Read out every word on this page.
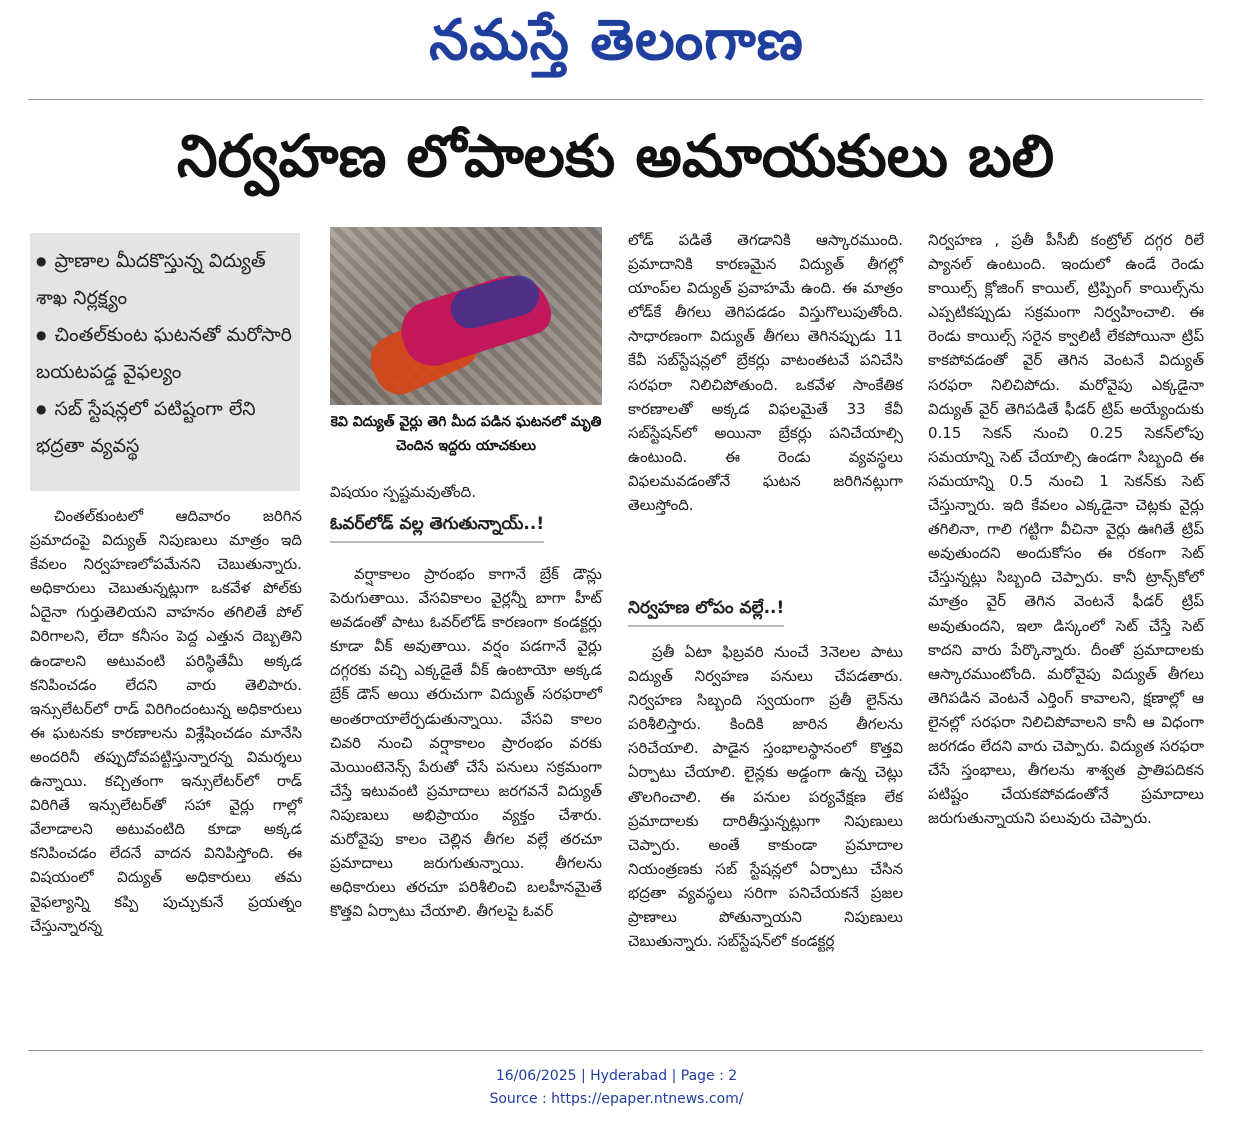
నమస్తే తెలంగాణ
నిర్వహణ లోపాలకు అమాయకులు బలి
● ప్రాణాల మీదకొస్తున్న విద్యుత్ శాఖ నిర్లక్ష్యం
● చింతల్‌కుంట ఘటనతో మరోసారి బయటపడ్డ వైఫల్యం
● సబ్ స్టేషన్లలో పటిష్టంగా లేని భద్రతా వ్యవస్థ

చింతల్‌కుంటలో ఆదివారం జరిగిన ప్రమాదంపై విద్యుత్ నిపుణులు మాత్రం ఇది కేవలం నిర్వహణలోపమేనని చెబుతున్నారు. అధికారులు చెబుతున్నట్లుగా ఒకవేళ పోల్‌కు ఏదైనా గుర్తుతెలియని వాహనం తగిలితే పోల్ విరిగాలని, లేదా కనీసం పెద్ద ఎత్తున దెబ్బతిని ఉండాలని అటువంటి పరిస్థితేమీ అక్కడ కనిపించడం లేదని వారు తెలిపారు. ఇన్సులేటర్‌లో రాడ్ విరిగిందంటున్న అధికారులు ఈ ఘటనకు కారణాలను విశ్లేషించడం మానేసి అందరినీ తప్పుదోవపట్టిస్తున్నారన్న విమర్శలు ఉన్నాయి. కచ్చితంగా ఇన్సులేటర్‌లో రాడ్ విరిగితే ఇన్సులేటర్‌తో సహా వైర్లు గాల్లో వేలాడాలని అటువంటిది కూడా అక్కడ కనిపించడం లేదనే వాదన వినిపిస్తోంది. ఈ విషయంలో విద్యుత్ అధికారులు తమ వైఫల్యాన్ని కప్పి పుచ్చుకునే ప్రయత్నం చేస్తున్నారన్న

కెవి విద్యుత్ వైర్లు తెగి మీద పడిన ఘటనలో మృతి చెందిన ఇద్దరు యాచకులు

విషయం స్పష్టమవుతోంది.

ఓవర్‌లోడ్ వల్ల తెగుతున్నాయ్..!

వర్షాకాలం ప్రారంభం కాగానే బ్రేక్ డౌన్లు పెరుగుతాయి. వేసవికాలం వైర్లన్నీ బాగా హీట్ అవడంతో పాటు ఓవర్‌లోడ్ కారణంగా కండక్టర్లు కూడా వీక్ అవుతాయి. వర్షం పడగానే వైర్లు దగ్గరకు వచ్చి ఎక్కడైతే వీక్ ఉంటాయో అక్కడ బ్రేక్ డౌన్ అయి తరుచుగా విద్యుత్ సరఫరాలో అంతరాయాలేర్పడుతున్నాయి. వేసవి కాలం చివరి నుంచి వర్షాకాలం ప్రారంభం వరకు మెయింటెనెన్స్ పేరుతో చేసే పనులు సక్రమంగా చేస్తే ఇటువంటి ప్రమాదాలు జరగవనే విద్యుత్ నిపుణులు అభిప్రాయం వ్యక్తం చేశారు. మరోవైపు కాలం చెల్లిన తీగల వల్లే తరచూ ప్రమాదాలు జరుగుతున్నాయి. తీగలను అధికారులు తరచూ పరిశీలించి బలహీనమైతే కొత్తవి ఏర్పాటు చేయాలి. తీగలపై ఓవర్

లోడ్ పడితే తెగడానికి ఆస్కారముంది. ప్రమాదానికి కారణమైన విద్యుత్ తీగల్లో యాంప్‌ల విద్యుత్ ప్రవాహమే ఉంది. ఈ మాత్రం లోడ్‌కే తీగలు తెగిపడడం విస్తుగొలుపుతోంది. సాధారణంగా విద్యుత్ తీగలు తెగినప్పుడు 11 కేవీ సబ్‌స్టేషన్లలో బ్రేకర్లు వాటంతటవే పనిచేసి సరఫరా నిలిచిపోతుంది. ఒకవేళ సాంకేతిక కారణాలతో అక్కడ విఫలమైతే 33 కేవీ సబ్‌స్టేషన్‌లో అయినా బ్రేకర్లు పనిచేయాల్సి ఉంటుంది. ఈ రెండు వ్యవస్థలు విఫలమవడంతోనే ఘటన జరిగినట్లుగా తెలుస్తోంది.

నిర్వహణ లోపం వల్లే..!

ప్రతీ ఏటా ఫిబ్రవరి నుంచే 3నెలల పాటు విద్యుత్ నిర్వహణ పనులు చేపడతారు. నిర్వహణ సిబ్బంది స్వయంగా ప్రతీ లైన్‌ను పరిశీలిస్తారు. కిందికి జారిన తీగలను సరిచేయాలి. పాడైన స్తంభాలస్థానంలో కొత్తవి ఏర్పాటు చేయాలి. లైన్లకు అడ్డంగా ఉన్న చెట్లు తొలగించాలి. ఈ పనుల పర్యవేక్షణ లేక ప్రమాదాలకు దారితీస్తున్నట్లుగా నిపుణులు చెప్పారు. అంతే కాకుండా ప్రమాదాల నియంత్రణకు సబ్ స్టేషన్లలో ఏర్పాటు చేసిన భద్రతా వ్యవస్థలు సరిగా పనిచేయకనే ప్రజల ప్రాణాలు పోతున్నాయని నిపుణులు చెబుతున్నారు. సబ్‌స్టేషన్‌లో కండక్టర్ల

నిర్వహణ , ప్రతీ పీసీబీ కంట్రోల్ దగ్గర రిలే ప్యానల్ ఉంటుంది. ఇందులో ఉండే రెండు కాయిల్స్ క్లోజింగ్ కాయిల్, ట్రిప్పింగ్ కాయిల్స్‌ను ఎప్పటికప్పుడు సక్రమంగా నిర్వహించాలి. ఈ రెండు కాయిల్స్ సరైన క్వాలిటీ లేకపోయినా ట్రిప్ కాకపోవడంతో వైర్ తెగిన వెంటనే విద్యుత్ సరఫరా నిలిచిపోదు. మరోవైపు ఎక్కడైనా విద్యుత్ వైర్ తెగిపడితే ఫీడర్ ట్రిప్ అయ్యేందుకు 0.15 సెకన్ నుంచి 0.25 సెకన్‌లోపు సమయాన్ని సెట్ చేయాల్సి ఉండగా సిబ్బంది ఈ సమయాన్ని 0.5 నుంచి 1 సెకన్‌కు సెట్ చేస్తున్నారు. ఇది కేవలం ఎక్కడైనా చెట్లకు వైర్లు తగిలినా, గాలి గట్టిగా వీచినా వైర్లు ఊగితే ట్రిప్ అవుతుందని అందుకోసం ఈ రకంగా సెట్ చేస్తున్నట్లు సిబ్బంది చెప్పారు. కానీ ట్రాన్స్‌కోలో మాత్రం వైర్ తెగిన వెంటనే ఫీడర్ ట్రిప్ అవుతుందని, ఇలా డిస్కంలో సెట్ చేస్తే సెట్ కాదని వారు పేర్కొన్నారు. దీంతో ప్రమాదాలకు ఆస్కారముంటోంది. మరోవైపు విద్యుత్ తీగలు తెగిపడిన వెంటనే ఎర్తింగ్ కావాలని, క్షణాల్లో ఆ లైనల్లో సరఫరా నిలిచిపోవాలని కానీ ఆ విధంగా జరగడం లేదని వారు చెప్పారు. విద్యుత సరఫరా చేసే స్తంభాలు, తీగలను శాశ్వత ప్రాతిపదికన పటిష్టం చేయకపోవడంతోనే ప్రమాదాలు జరుగుతున్నాయని పలువురు చెప్పారు.

16/06/2025 | Hyderabad | Page : 2
Source : https://epaper.ntnews.com/
